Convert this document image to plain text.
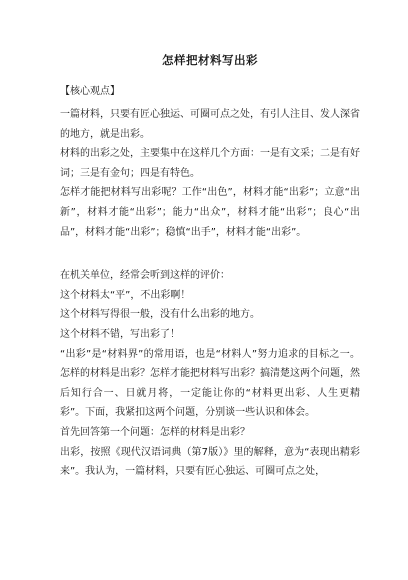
怎样把材料写出彩
【核心观点】

一篇材料，只要有匠心独运、可圈可点之处，有引人注目、发人深省的地方，就是出彩。

材料的出彩之处，主要集中在这样几个方面：一是有文采；二是有好词；三是有金句；四是有特色。

怎样才能把材料写出彩呢？工作“出色”，材料才能“出彩”；立意“出新”，材料才能“出彩”；能力“出众”，材料才能“出彩”；良心“出品”，材料才能“出彩”；稳慎“出手”，材料才能“出彩”。

在机关单位，经常会听到这样的评价：

这个材料太“平”，不出彩啊！

这个材料写得很一般，没有什么出彩的地方。

这个材料不错，写出彩了！

“出彩”是“材料界”的常用语，也是“材料人”努力追求的目标之一。怎样的材料是出彩？怎样才能把材料写出彩？搞清楚这两个问题，然后知行合一、日就月将，一定能让你的“材料更出彩、人生更精彩”。下面，我紧扣这两个问题，分别谈一些认识和体会。

首先回答第一个问题：怎样的材料是出彩？

出彩，按照《现代汉语词典（第7版）》里的解释，意为“表现出精彩来”。我认为，一篇材料，只要有匠心独运、可圈可点之处，
